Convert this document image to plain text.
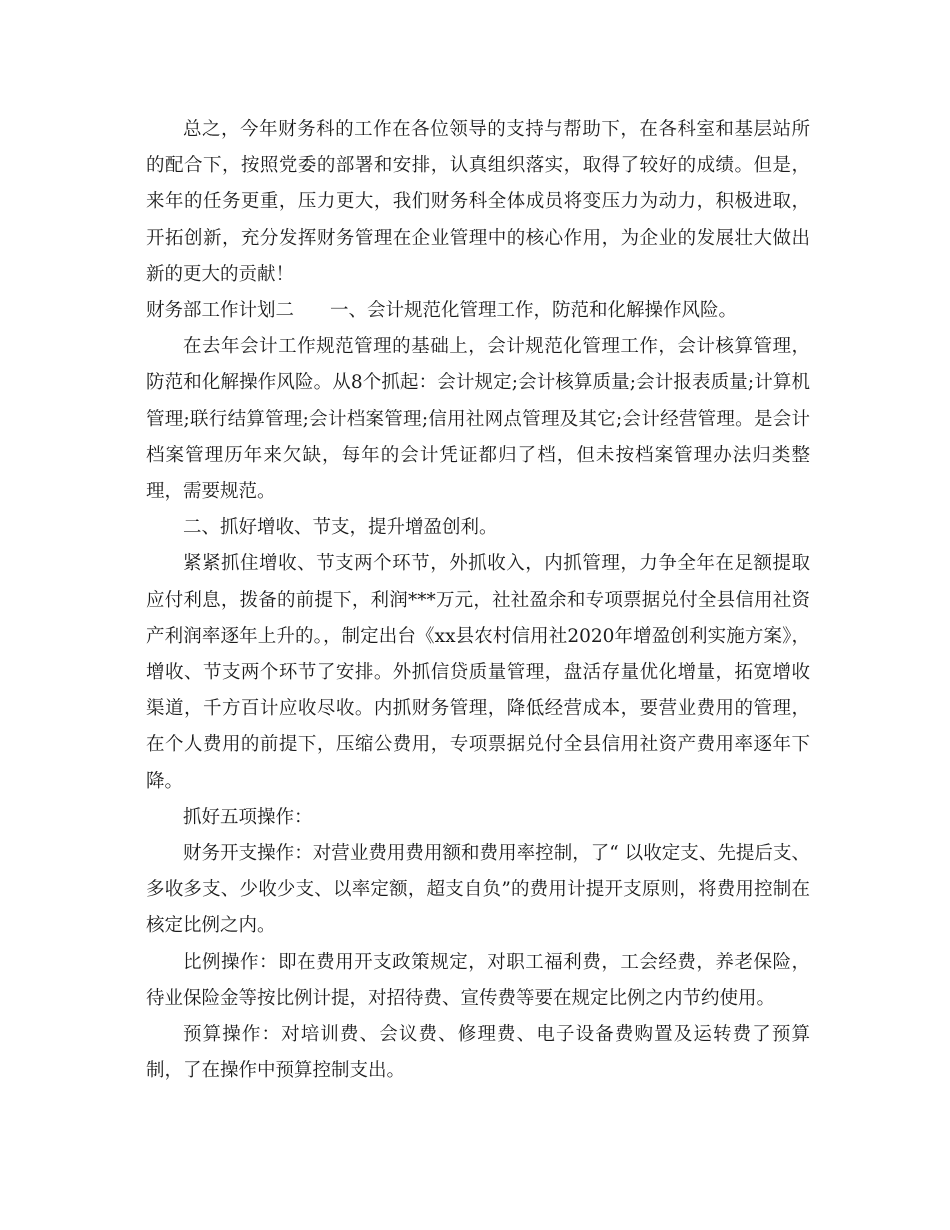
总之，今年财务科的工作在各位领导的支持与帮助下，在各科室和基层站所的配合下，按照党委的部署和安排，认真组织落实，取得了较好的成绩。但是，来年的任务更重，压力更大，我们财务科全体成员将变压力为动力，积极进取，开拓创新，充分发挥财务管理在企业管理中的核心作用，为企业的发展壮大做出新的更大的贡献！

财务部工作计划二 一、会计规范化管理工作，防范和化解操作风险。

在去年会计工作规范管理的基础上，会计规范化管理工作，会计核算管理，防范和化解操作风险。从8个抓起：会计规定;会计核算质量;会计报表质量;计算机管理;联行结算管理;会计档案管理;信用社网点管理及其它;会计经营管理。是会计档案管理历年来欠缺，每年的会计凭证都归了档，但未按档案管理办法归类整理，需要规范。

二、抓好增收、节支，提升增盈创利。

紧紧抓住增收、节支两个环节，外抓收入，内抓管理，力争全年在足额提取应付利息，拨备的前提下，利润***万元，社社盈余和专项票据兑付全县信用社资产利润率逐年上升的。，制定出台《xx县农村信用社2020年增盈创利实施方案》，增收、节支两个环节了安排。外抓信贷质量管理，盘活存量优化增量，拓宽增收渠道，千方百计应收尽收。内抓财务管理，降低经营成本，要营业费用的管理，在个人费用的前提下，压缩公费用，专项票据兑付全县信用社资产费用率逐年下降。

抓好五项操作：

财务开支操作：对营业费用费用额和费用率控制，了“ 以收定支、先提后支、多收多支、少收少支、以率定额，超支自负”的费用计提开支原则，将费用控制在核定比例之内。

比例操作：即在费用开支政策规定，对职工福利费，工会经费，养老保险，待业保险金等按比例计提，对招待费、宣传费等要在规定比例之内节约使用。

预算操作：对培训费、会议费、修理费、电子设备费购置及运转费了预算制，了在操作中预算控制支出。
